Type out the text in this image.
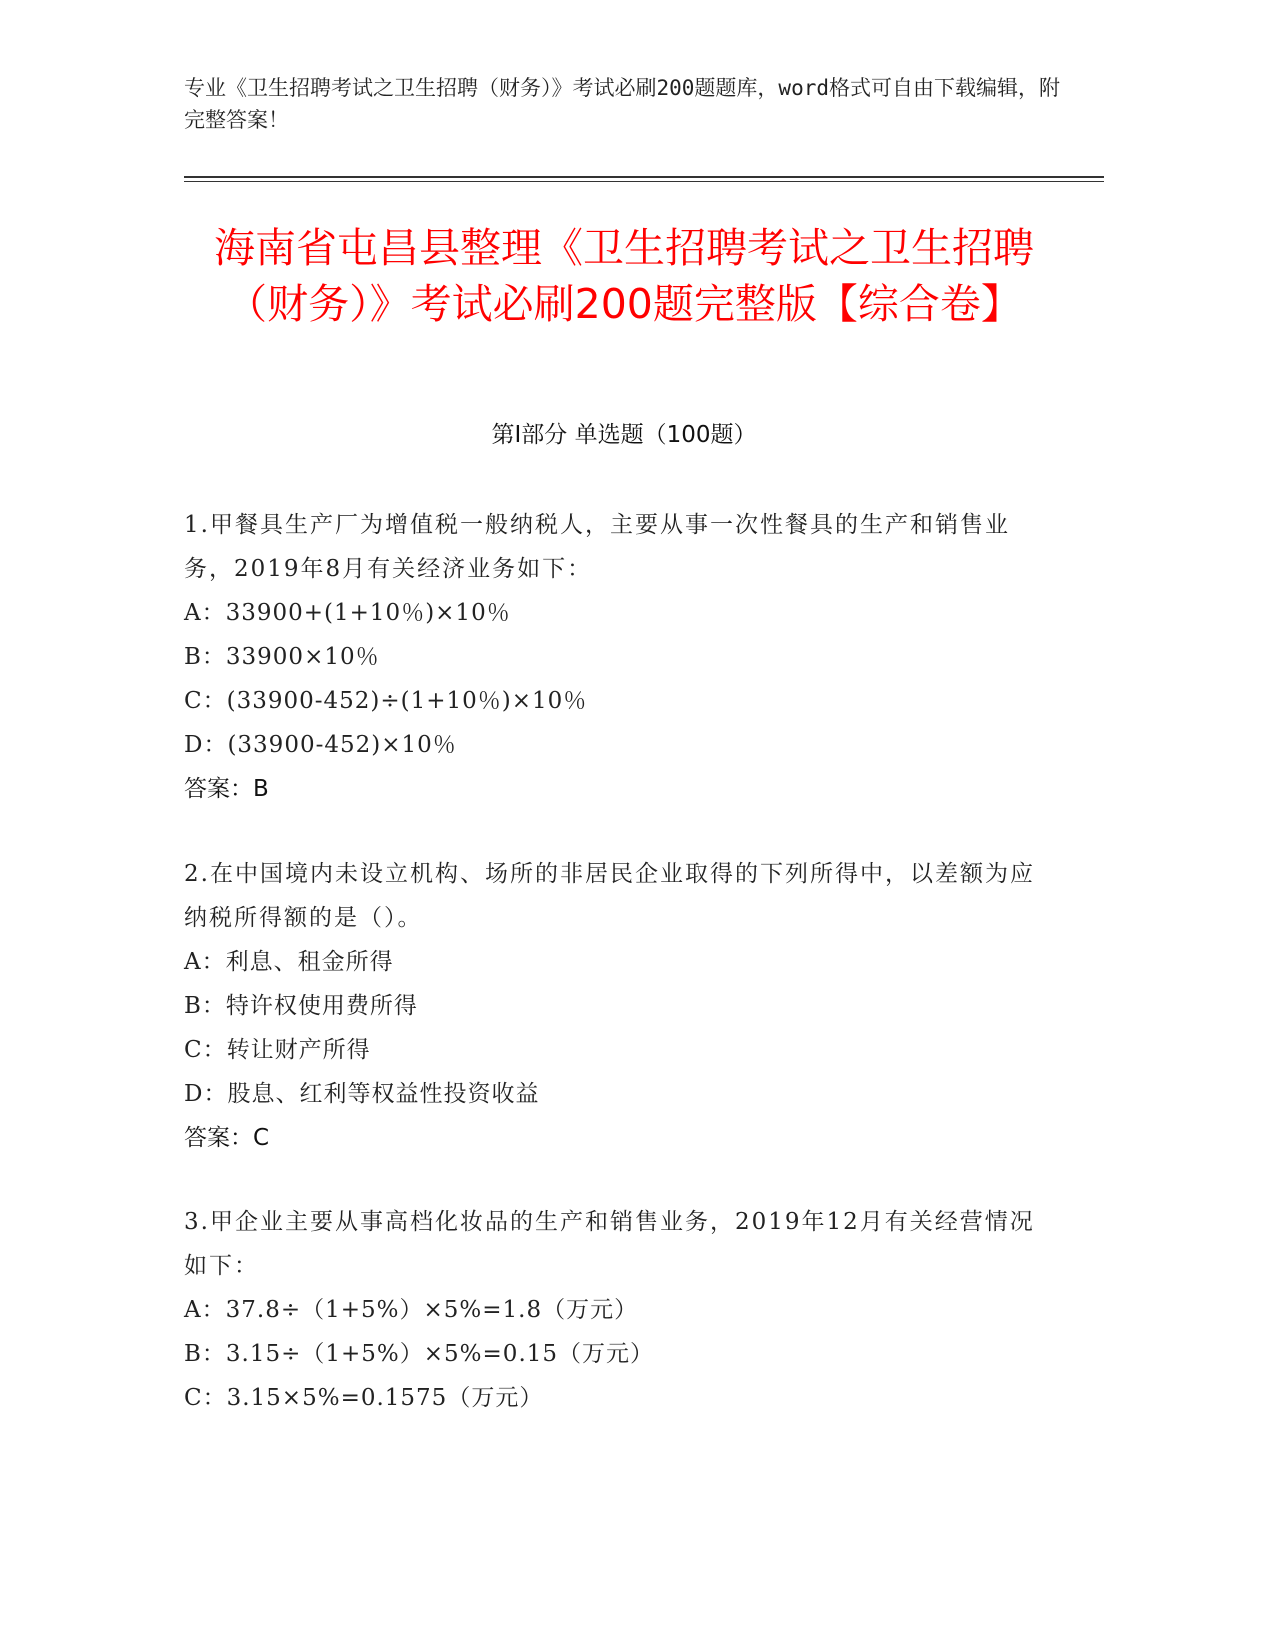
专业《卫生招聘考试之卫生招聘（财务）》考试必刷200题题库，word格式可自由下载编辑，附完整答案！
海南省屯昌县整理《卫生招聘考试之卫生招聘（财务）》考试必刷200题完整版【综合卷】
第I部分 单选题（100题）
1.甲餐具生产厂为增值税一般纳税人，主要从事一次性餐具的生产和销售业务，2019年8月有关经济业务如下：
A：33900+(1+10％)×10％
B：33900×10％
C：(33900-452)÷(1+10％)×10％
D：(33900-452)×10％
答案：B
2.在中国境内未设立机构、场所的非居民企业取得的下列所得中，以差额为应纳税所得额的是（）。
A：利息、租金所得
B：特许权使用费所得
C：转让财产所得
D：股息、红利等权益性投资收益
答案：C
3.甲企业主要从事高档化妆品的生产和销售业务，2019年12月有关经营情况如下：
A：37.8÷（1+5%）×5%=1.8（万元）
B：3.15÷（1+5%）×5%=0.15（万元）
C：3.15×5%=0.1575（万元）
